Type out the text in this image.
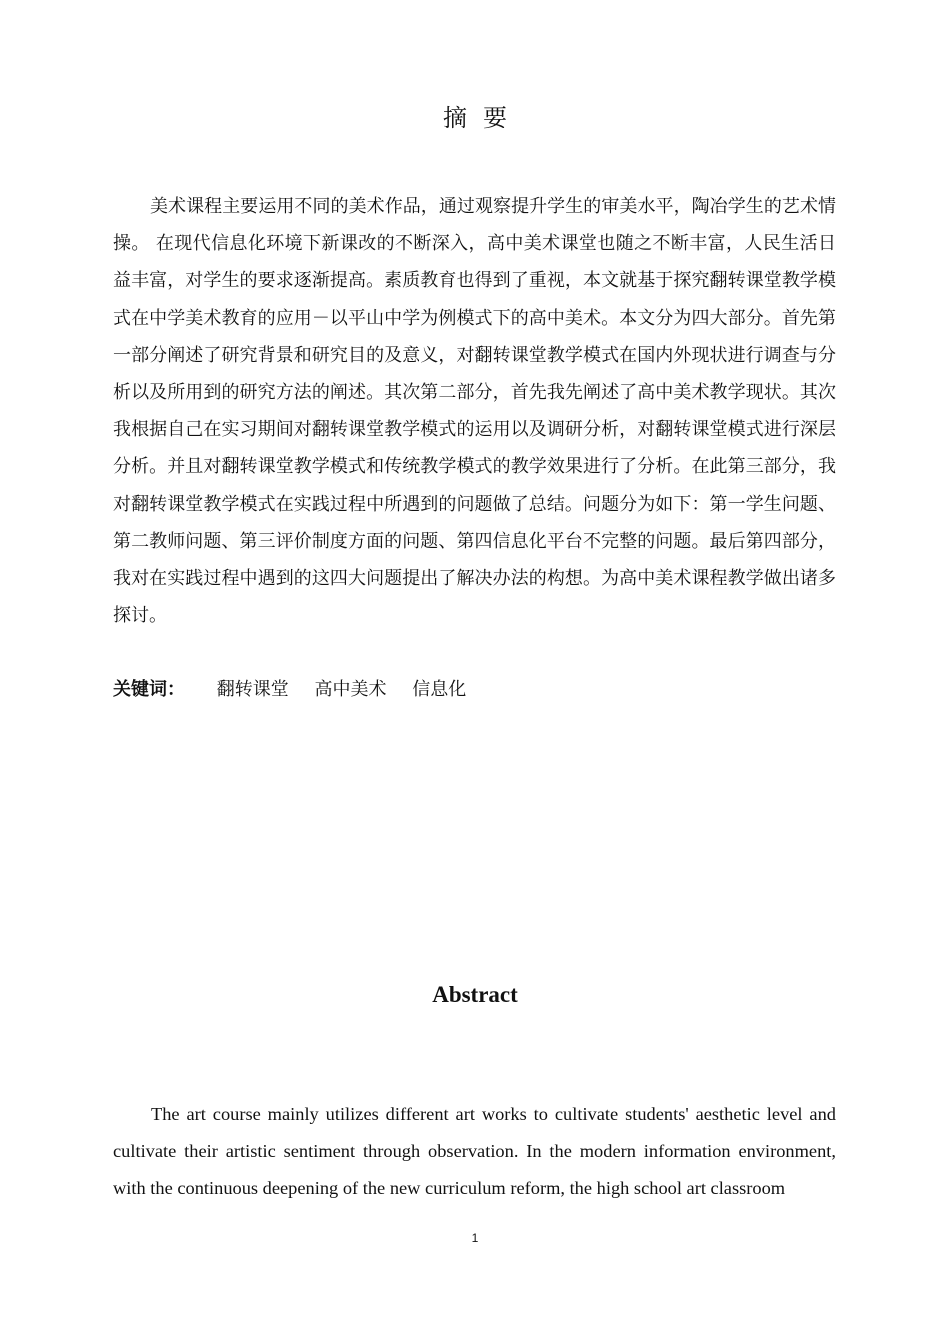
摘要

美术课程主要运用不同的美术作品，通过观察提升学生的审美水平，陶冶学生的艺术情操。 在现代信息化环境下新课改的不断深入，高中美术课堂也随之不断丰富，人民生活日益丰富，对学生的要求逐渐提高。素质教育也得到了重视，本文就基于探究翻转课堂教学模式在中学美术教育的应用－以平山中学为例模式下的高中美术。本文分为四大部分。首先第一部分阐述了研究背景和研究目的及意义，对翻转课堂教学模式在国内外现状进行调查与分析以及所用到的研究方法的阐述。其次第二部分，首先我先阐述了高中美术教学现状。其次我根据自己在实习期间对翻转课堂教学模式的运用以及调研分析，对翻转课堂模式进行深层分析。并且对翻转课堂教学模式和传统教学模式的教学效果进行了分析。在此第三部分，我对翻转课堂教学模式在实践过程中所遇到的问题做了总结。问题分为如下：第一学生问题、第二教师问题、第三评价制度方面的问题、第四信息化平台不完整的问题。最后第四部分，我对在实践过程中遇到的这四大问题提出了解决办法的构想。为高中美术课程教学做出诸多探讨。

关键词： 翻转课堂 高中美术 信息化
Abstract

The art course mainly utilizes different art works to cultivate students' aesthetic level and cultivate their artistic sentiment through observation. In the modern information environment, with the continuous deepening of the new curriculum reform, the high school art classroom

1
